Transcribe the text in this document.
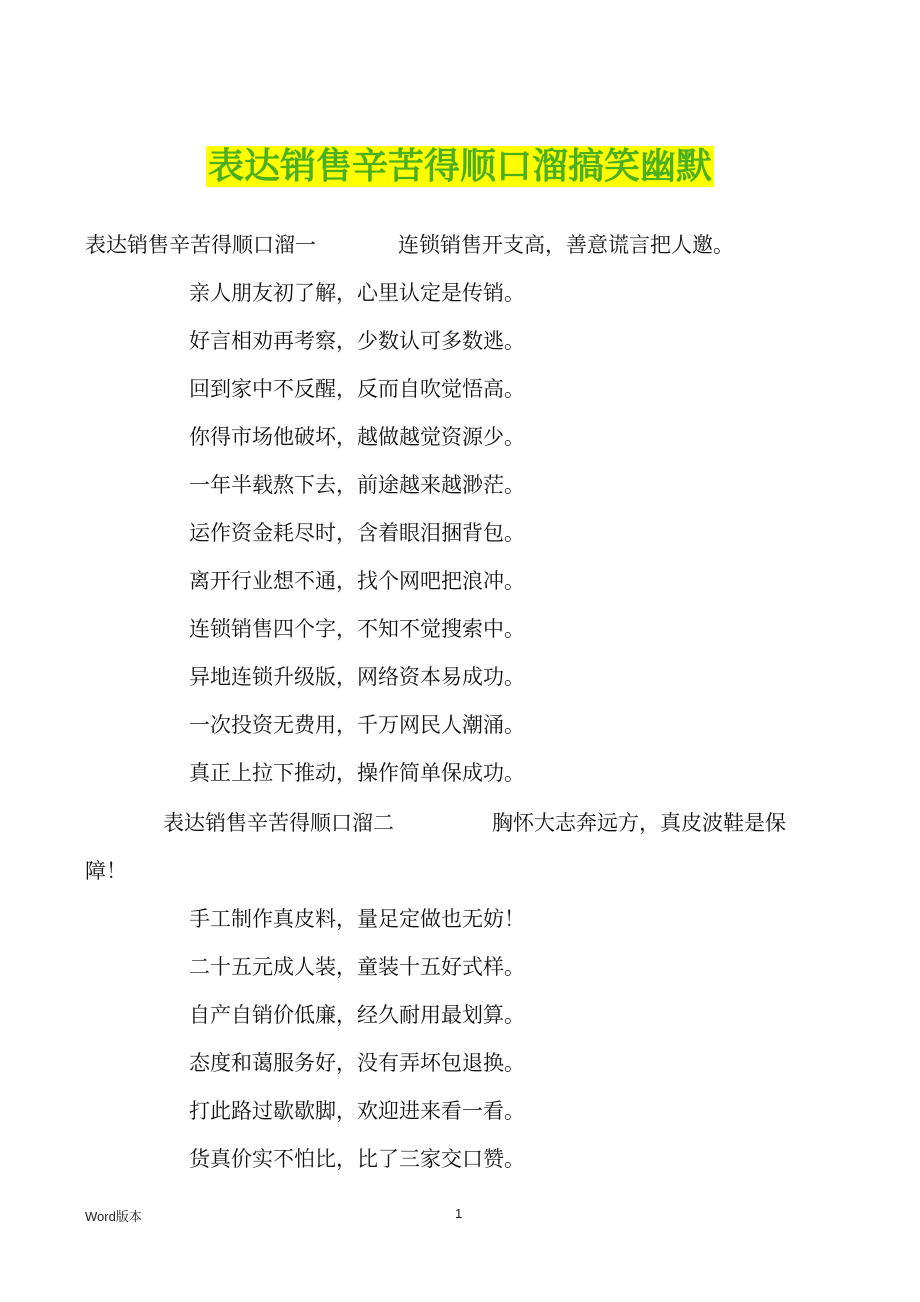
表达销售辛苦得顺口溜搞笑幽默
表达销售辛苦得顺口溜一	连锁销售开支高，善意谎言把人邀。
亲人朋友初了解，心里认定是传销。
好言相劝再考察，少数认可多数逃。
回到家中不反醒，反而自吹觉悟高。
你得市场他破坏，越做越觉资源少。
一年半载熬下去，前途越来越渺茫。
运作资金耗尽时，含着眼泪捆背包。
离开行业想不通，找个网吧把浪冲。
连锁销售四个字，不知不觉搜索中。
异地连锁升级版，网络资本易成功。
一次投资无费用，千万网民人潮涌。
真正上拉下推动，操作简单保成功。
表达销售辛苦得顺口溜二	胸怀大志奔远方，真皮波鞋是保
障！
手工制作真皮料，量足定做也无妨！
二十五元成人装，童装十五好式样。
自产自销价低廉，经久耐用最划算。
态度和蔼服务好，没有弄坏包退换。
打此路过歇歇脚，欢迎进来看一看。
货真价实不怕比，比了三家交口赞。
Word版本	1
